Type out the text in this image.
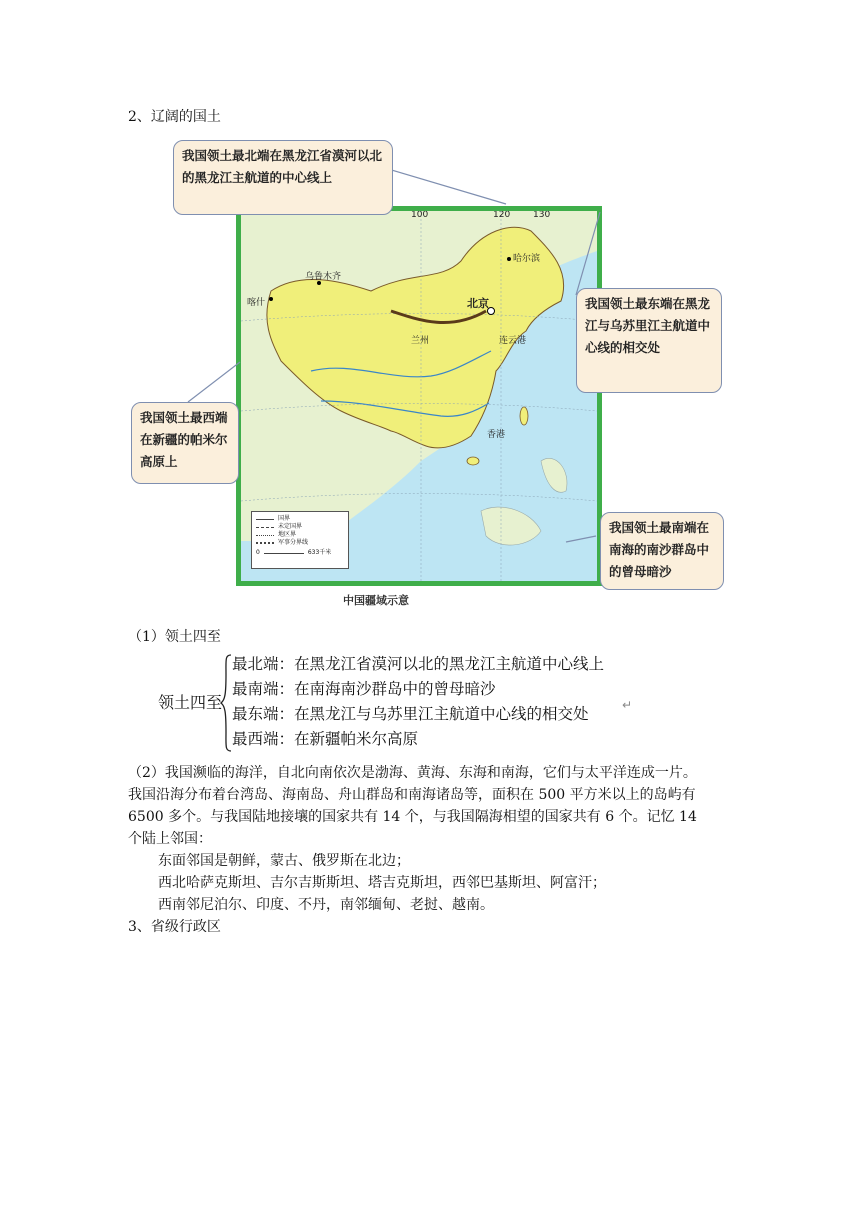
2、辽阔的国土
北京
哈尔滨
乌鲁木齐
喀什
兰州	连云港
香港
100	120	130
国界
未定国界
地区界
军事分界线
0	633千米
我国领土最北端在黑龙江省漠河以北的黑龙江主航道的中心线上
我国领土最东端在黑龙江与乌苏里江主航道中心线的相交处
我国领土最西端在新疆的帕米尔高原上
我国领土最南端在南海的南沙群岛中的曾母暗沙
中国疆域示意
（1）领土四至
领土四至
最北端：在黑龙江省漠河以北的黑龙江主航道中心线上
最南端：在南海南沙群岛中的曾母暗沙
最东端：在黑龙江与乌苏里江主航道中心线的相交处
最西端：在新疆帕米尔高原
↵
（2）我国濒临的海洋，自北向南依次是渤海、黄海、东海和南海，它们与太平洋连成一片。
我国沿海分布着台湾岛、海南岛、舟山群岛和南海诸岛等，面积在 500 平方米以上的岛屿有
6500 多个。与我国陆地接壤的国家共有 14 个，与我国隔海相望的国家共有 6 个。记忆 14
个陆上邻国：
东面邻国是朝鲜，蒙古、俄罗斯在北边；
西北哈萨克斯坦、吉尔吉斯斯坦、塔吉克斯坦，西邻巴基斯坦、阿富汗；
西南邻尼泊尔、印度、不丹，南邻缅甸、老挝、越南。
3、省级行政区
